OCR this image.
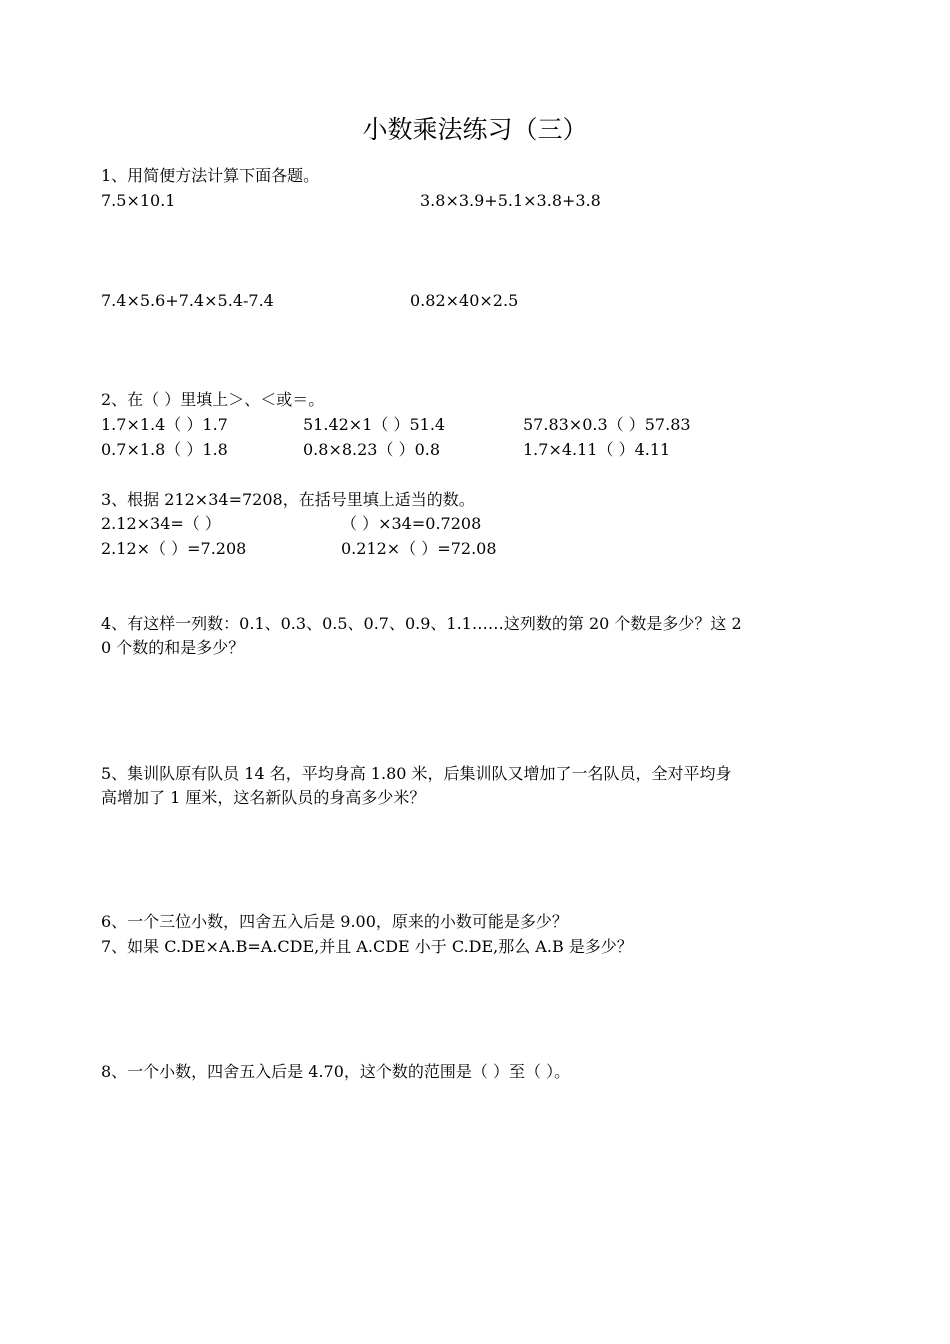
小数乘法练习（三）
1、用简便方法计算下面各题。
7.5×10.1	3.8×3.9+5.1×3.8+3.8
7.4×5.6+7.4×5.4-7.4	0.82×40×2.5
2、在（ ）里填上＞、＜或＝。
1.7×1.4（ ）1.7	51.42×1（ ）51.4	57.83×0.3（ ）57.83
0.7×1.8（ ）1.8	0.8×8.23（ ）0.8	1.7×4.11（ ）4.11
3、根据 212×34=7208，在括号里填上适当的数。
2.12×34=（ ）	（ ）×34=0.7208
2.12×（ ）=7.208	0.212×（ ）=72.08
4、有这样一列数：0.1、0.3、0.5、0.7、0.9、1.1……这列数的第 20 个数是多少？这 2
0 个数的和是多少？
5、集训队原有队员 14 名，平均身高 1.80 米，后集训队又增加了一名队员，全对平均身
高增加了 1 厘米，这名新队员的身高多少米？
6、一个三位小数，四舍五入后是 9.00，原来的小数可能是多少？
7、如果 C.DE×A.B=A.CDE,并且 A.CDE 小于 C.DE,那么 A.B 是多少？
8、一个小数，四舍五入后是 4.70，这个数的范围是（ ）至（ ）。
